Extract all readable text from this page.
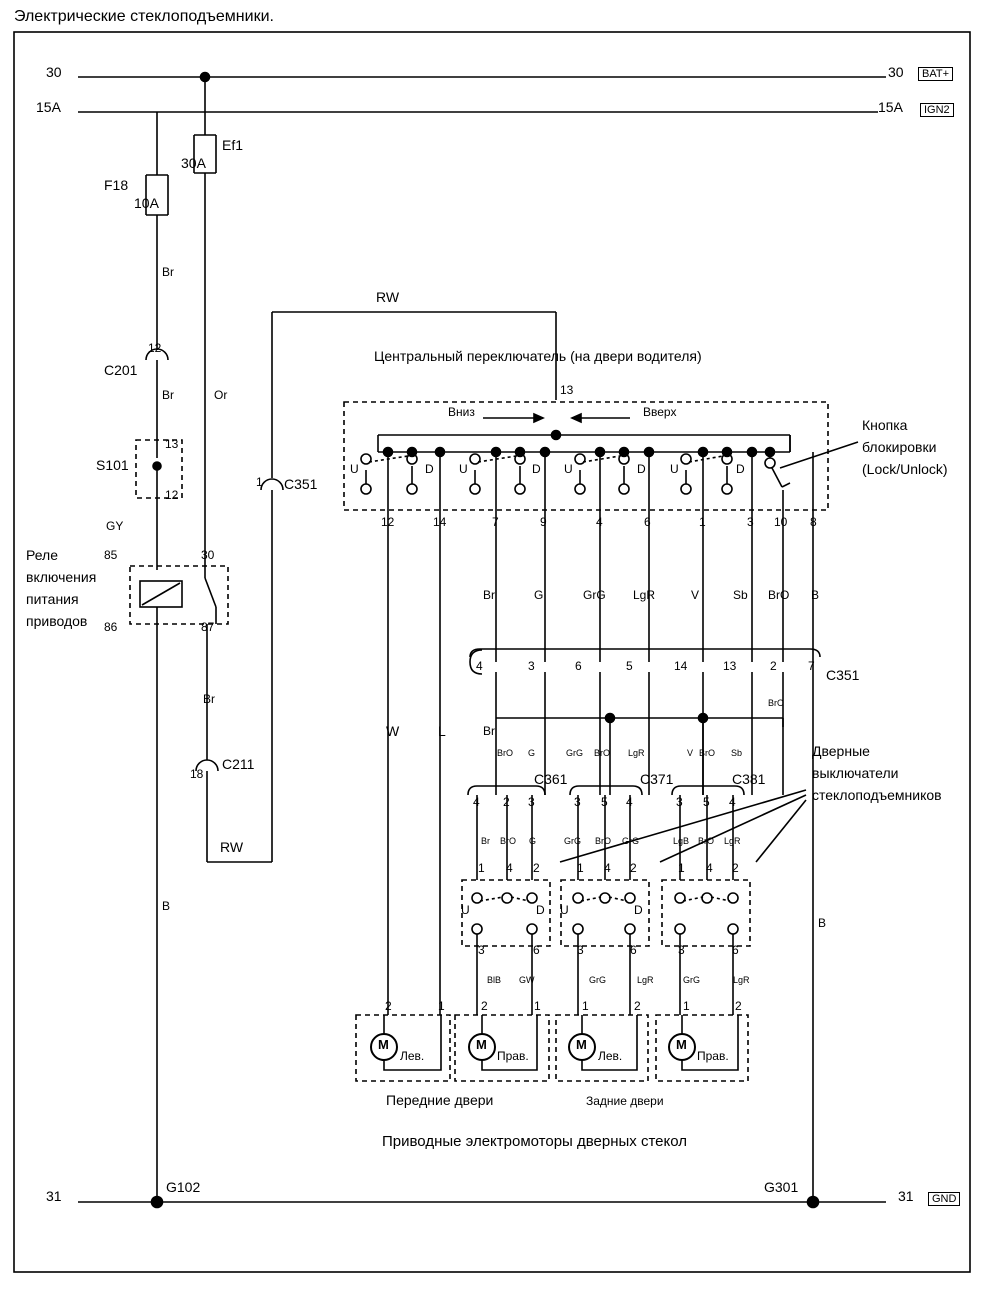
Электрические стеклоподъемники.
30
15A
31
30	BAT+
15A	IGN2
31	GND
Ef1
30A
F18
10A
12
C201
13
12
S101
1 C351
18
C211
C351
C361	C371	C381
Реле
включения
питания
приводов
85	30
86	87
Центральный переключатель (на двери водителя)
13
Вниз	Вверх
U	D U	D U	D U	D
12	14	7	9	4	6	1	3 10 8
Кнопка
блокировки
(Lock/Unlock)
Дверные
выключатели
стеклоподъемников
Br
Br	Or
GY
Br
RW
RW
B
B
Br	G	GrG LgR	V	Sb BrO B
W	L	Br
BrO
4	3	6	5	14	13	2	7
4 2 3	3 5 4	3 5 4
BrO G	GrG BrO LgR	V BrO Sb
Br BrO G	GrG BrO GrG	LgB BrO LgR
1 4 2
3	6
U	D
1 4 2
3	6
U	D
1 4 2
3	6
BlB GW	GrG	LgR	GrG	LgR
2	1	2	1	1	2	1	2
M
Лев.
M
Прав.
M
Лев.
M
Прав.
Передние двери	Задние двери
Приводные электромоторы дверных стекол
G102	G301
